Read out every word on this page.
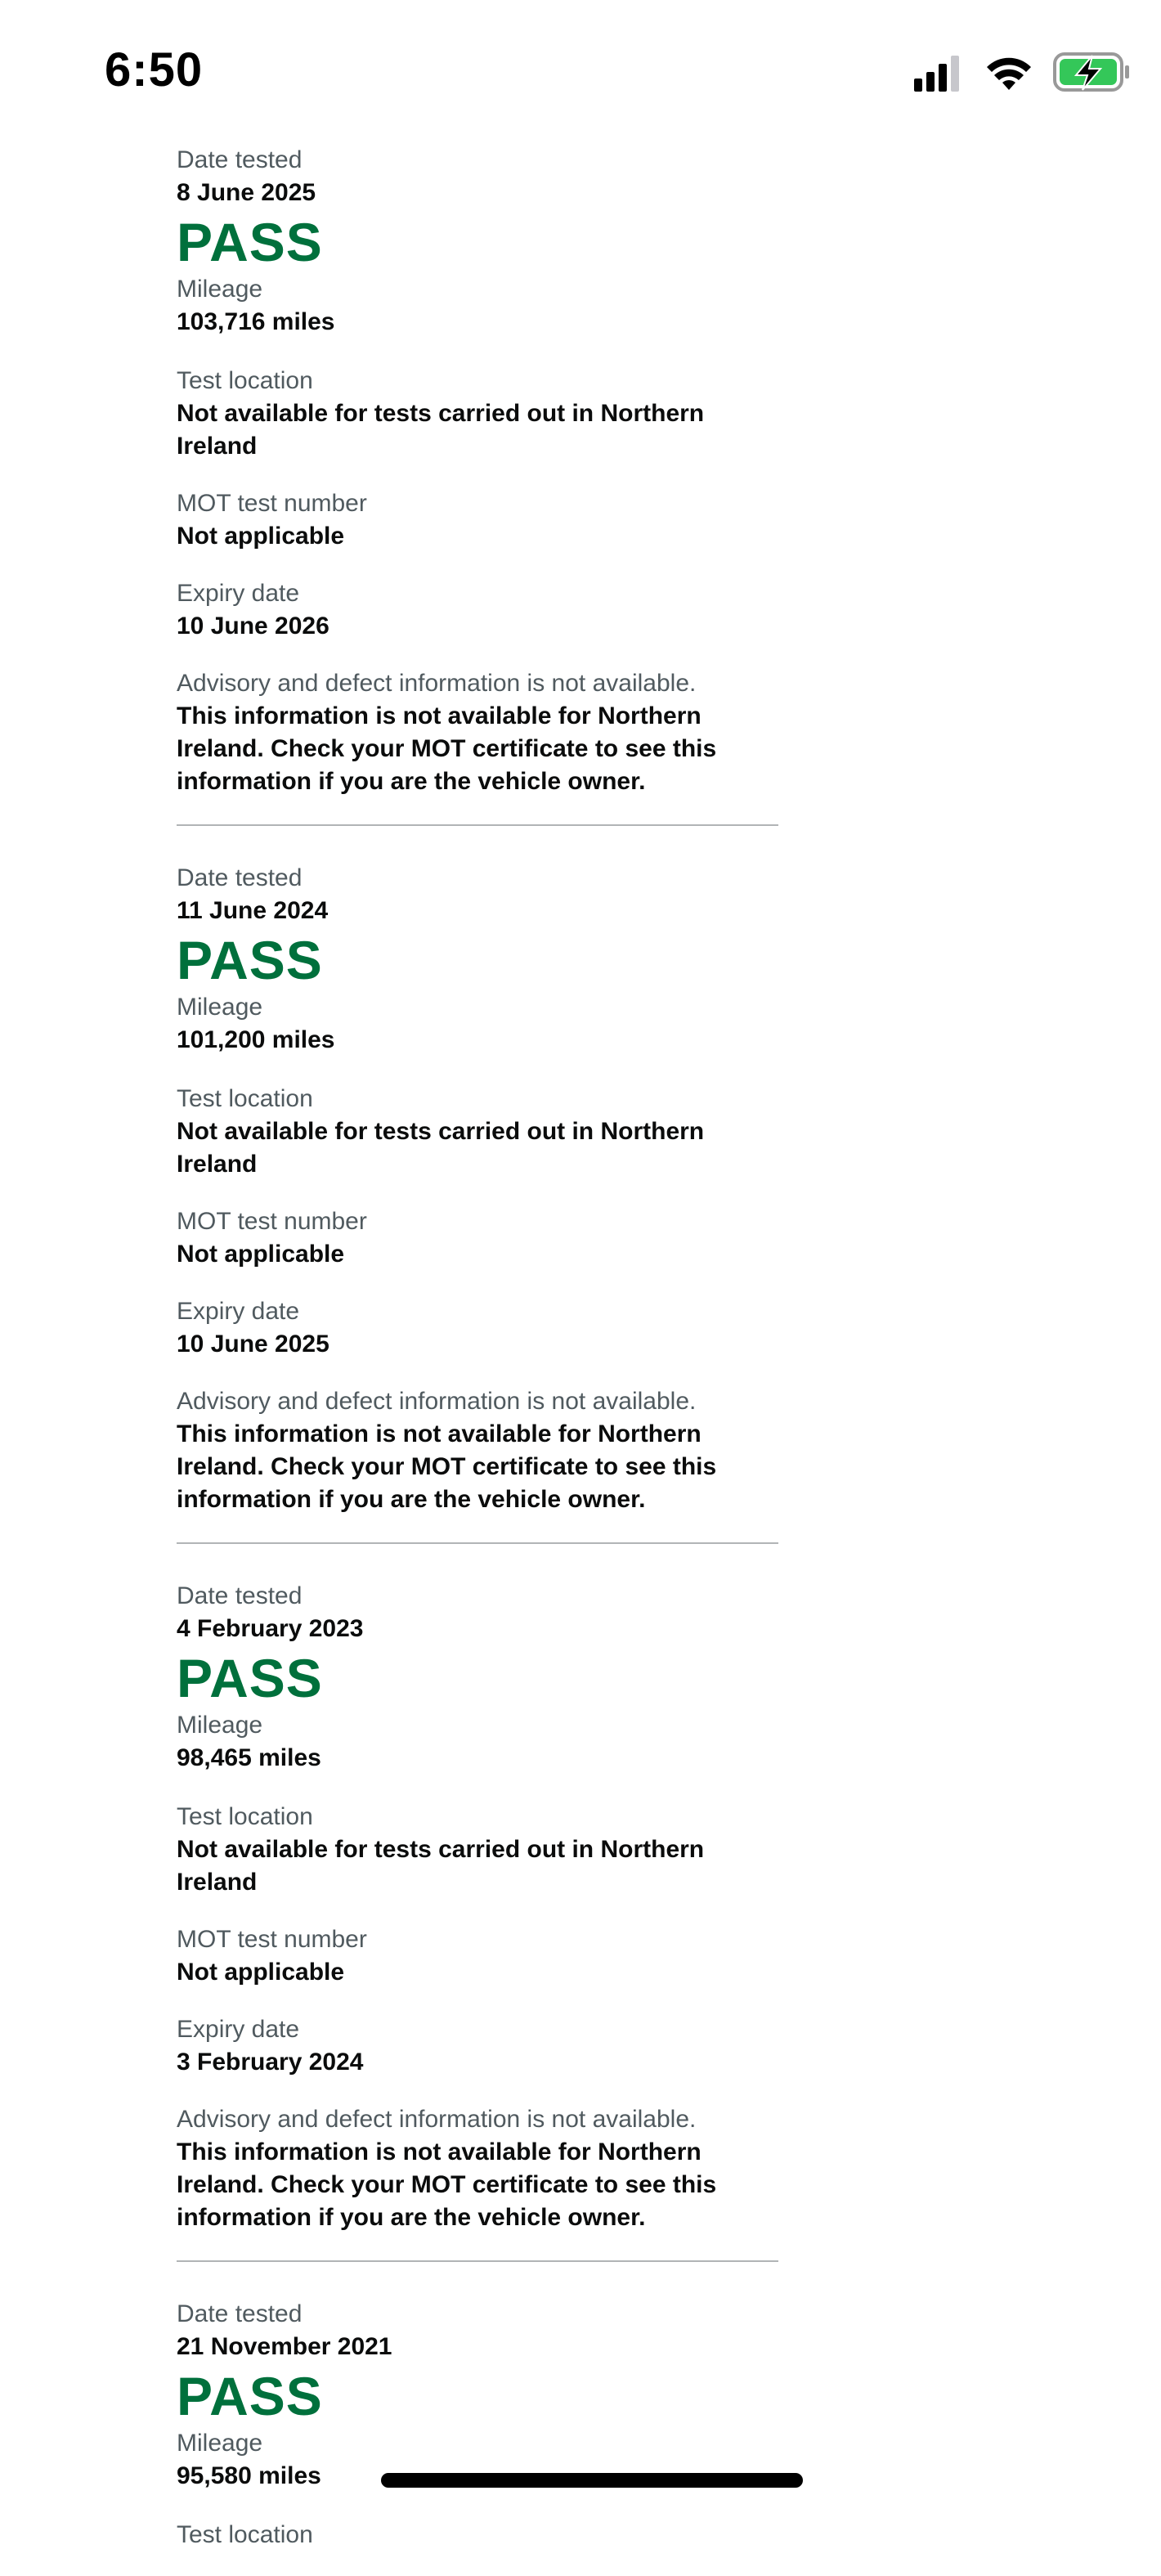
6:50
Date tested
8 June 2025
PASS
Mileage
103,716 miles
Test location
Not available for tests carried out in Northern Ireland
MOT test number
Not applicable
Expiry date
10 June 2026
Advisory and defect information is not available.
This information is not available for Northern Ireland. Check your MOT certificate to see this information if you are the vehicle owner.
Date tested
11 June 2024
PASS
Mileage
101,200 miles
Test location
Not available for tests carried out in Northern Ireland
MOT test number
Not applicable
Expiry date
10 June 2025
Advisory and defect information is not available.
This information is not available for Northern Ireland. Check your MOT certificate to see this information if you are the vehicle owner.
Date tested
4 February 2023
PASS
Mileage
98,465 miles
Test location
Not available for tests carried out in Northern Ireland
MOT test number
Not applicable
Expiry date
3 February 2024
Advisory and defect information is not available.
This information is not available for Northern Ireland. Check your MOT certificate to see this information if you are the vehicle owner.
Date tested
21 November 2021
PASS
Mileage
95,580 miles
Test location
